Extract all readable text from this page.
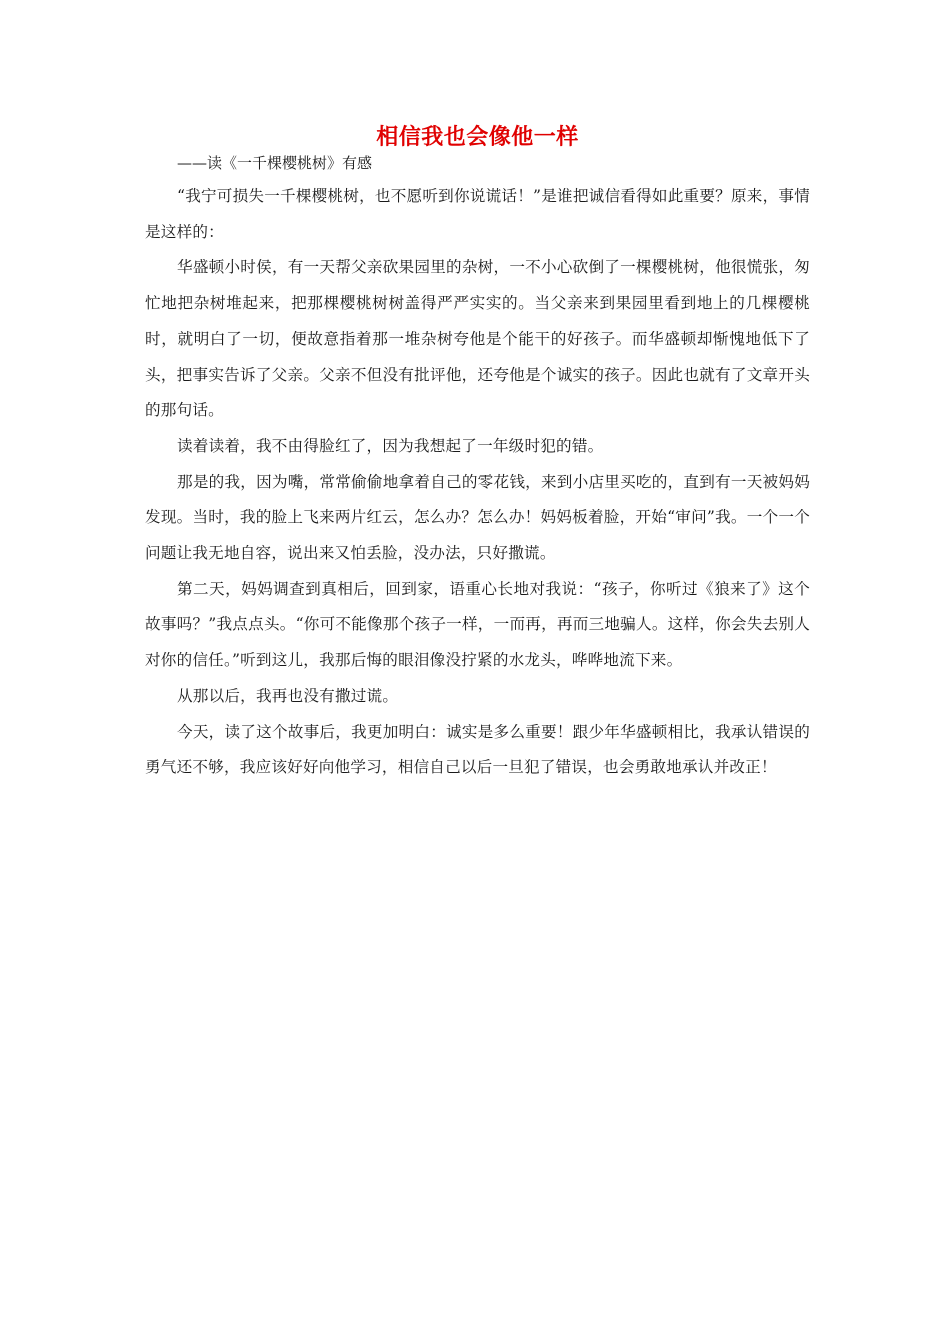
相信我也会像他一样

——读《一千棵樱桃树》有感

“我宁可损失一千棵樱桃树，也不愿听到你说谎话！”是谁把诚信看得如此重要？原来，事情是这样的：

华盛顿小时侯，有一天帮父亲砍果园里的杂树，一不小心砍倒了一棵樱桃树，他很慌张，匆忙地把杂树堆起来，把那棵樱桃树树盖得严严实实的。当父亲来到果园里看到地上的几棵樱桃时，就明白了一切，便故意指着那一堆杂树夸他是个能干的好孩子。而华盛顿却惭愧地低下了头，把事实告诉了父亲。父亲不但没有批评他，还夸他是个诚实的孩子。因此也就有了文章开头的那句话。

读着读着，我不由得脸红了，因为我想起了一年级时犯的错。

那是的我，因为嘴，常常偷偷地拿着自己的零花钱，来到小店里买吃的，直到有一天被妈妈发现。当时，我的脸上飞来两片红云，怎么办？怎么办！妈妈板着脸，开始“审问”我。一个一个问题让我无地自容，说出来又怕丢脸，没办法，只好撒谎。

第二天，妈妈调查到真相后，回到家，语重心长地对我说：“孩子，你听过《狼来了》这个故事吗？”我点点头。“你可不能像那个孩子一样，一而再，再而三地骗人。这样，你会失去别人对你的信任。”听到这儿，我那后悔的眼泪像没拧紧的水龙头，哗哗地流下来。

从那以后，我再也没有撒过谎。

今天，读了这个故事后，我更加明白：诚实是多么重要！跟少年华盛顿相比，我承认错误的勇气还不够，我应该好好向他学习，相信自己以后一旦犯了错误，也会勇敢地承认并改正！
